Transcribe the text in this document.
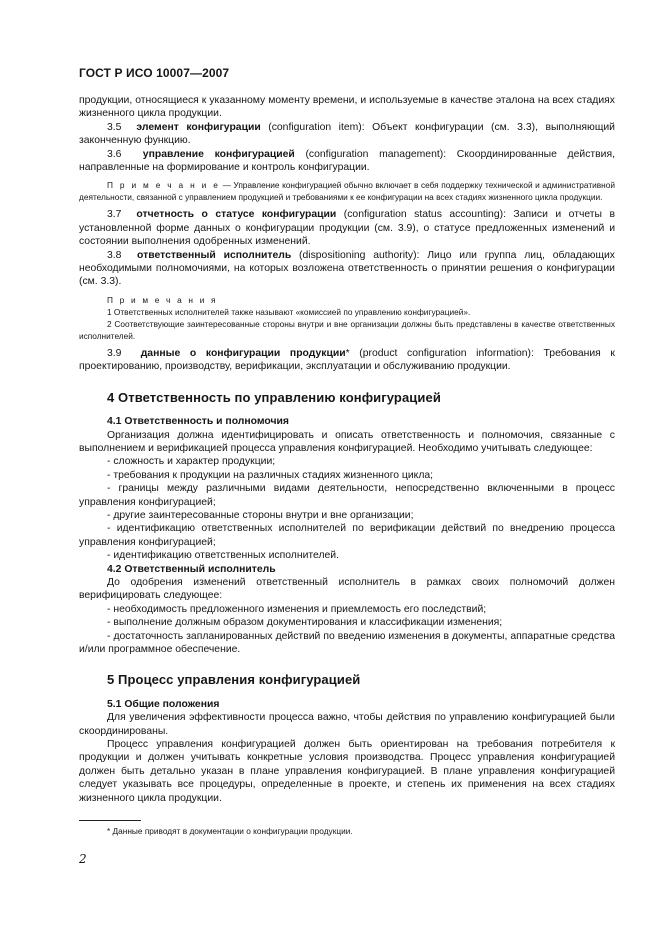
ГОСТ Р ИСО 10007—2007

продукции, относящиеся к указанному моменту времени, и используемые в качестве эталона на всех стадиях жизненного цикла продукции.

3.5 элемент конфигурации (configuration item): Объект конфигурации (см. 3.3), выполняющий законченную функцию.

3.6 управление конфигурацией (configuration management): Скоординированные действия, направленные на формирование и контроль конфигурации.

П р и м е ч а н и е — Управление конфигурацией обычно включает в себя поддержку технической и административной деятельности, связанной с управлением продукцией и требованиями к ее конфигурации на всех стадиях жизненного цикла продукции.

3.7 отчетность о статусе конфигурации (configuration status accounting): Записи и отчеты в установленной форме данных о конфигурации продукции (см. 3.9), о статусе предложенных изменений и состоянии выполнения одобренных изменений.

3.8 ответственный исполнитель (dispositioning authority): Лицо или группа лиц, обладающих необходимыми полномочиями, на которых возложена ответственность о принятии решения о конфигурации (см. 3.3).

П р и м е ч а н и я

1 Ответственных исполнителей также называют «комиссией по управлению конфигурацией».

2 Соответствующие заинтересованные стороны внутри и вне организации должны быть представлены в качестве ответственных исполнителей.

3.9 данные о конфигурации продукции* (product configuration information): Требования к проектированию, производству, верификации, эксплуатации и обслуживанию продукции.

4 Ответственность по управлению конфигурацией

4.1 Ответственность и полномочия

Организация должна идентифицировать и описать ответственность и полномочия, связанные с выполнением и верификацией процесса управления конфигурацией. Необходимо учитывать следующее:

- сложность и характер продукции;

- требования к продукции на различных стадиях жизненного цикла;

- границы между различными видами деятельности, непосредственно включенными в процесс управления конфигурацией;

- другие заинтересованные стороны внутри и вне организации;

- идентификацию ответственных исполнителей по верификации действий по внедрению процесса управления конфигурацией;

- идентификацию ответственных исполнителей.

4.2 Ответственный исполнитель

До одобрения изменений ответственный исполнитель в рамках своих полномочий должен верифицировать следующее:

- необходимость предложенного изменения и приемлемость его последствий;

- выполнение должным образом документирования и классификации изменения;

- достаточность запланированных действий по введению изменения в документы, аппаратные средства и/или программное обеспечение.

5 Процесс управления конфигурацией

5.1 Общие положения

Для увеличения эффективности процесса важно, чтобы действия по управлению конфигурацией были скоординированы.

Процесс управления конфигурацией должен быть ориентирован на требования потребителя к продукции и должен учитывать конкретные условия производства. Процесс управления конфигурацией должен быть детально указан в плане управления конфигурацией. В плане управления конфигурацией следует указывать все процедуры, определенные в проекте, и степень их применения на всех стадиях жизненного цикла продукции.

* Данные приводят в документации о конфигурации продукции.
2
